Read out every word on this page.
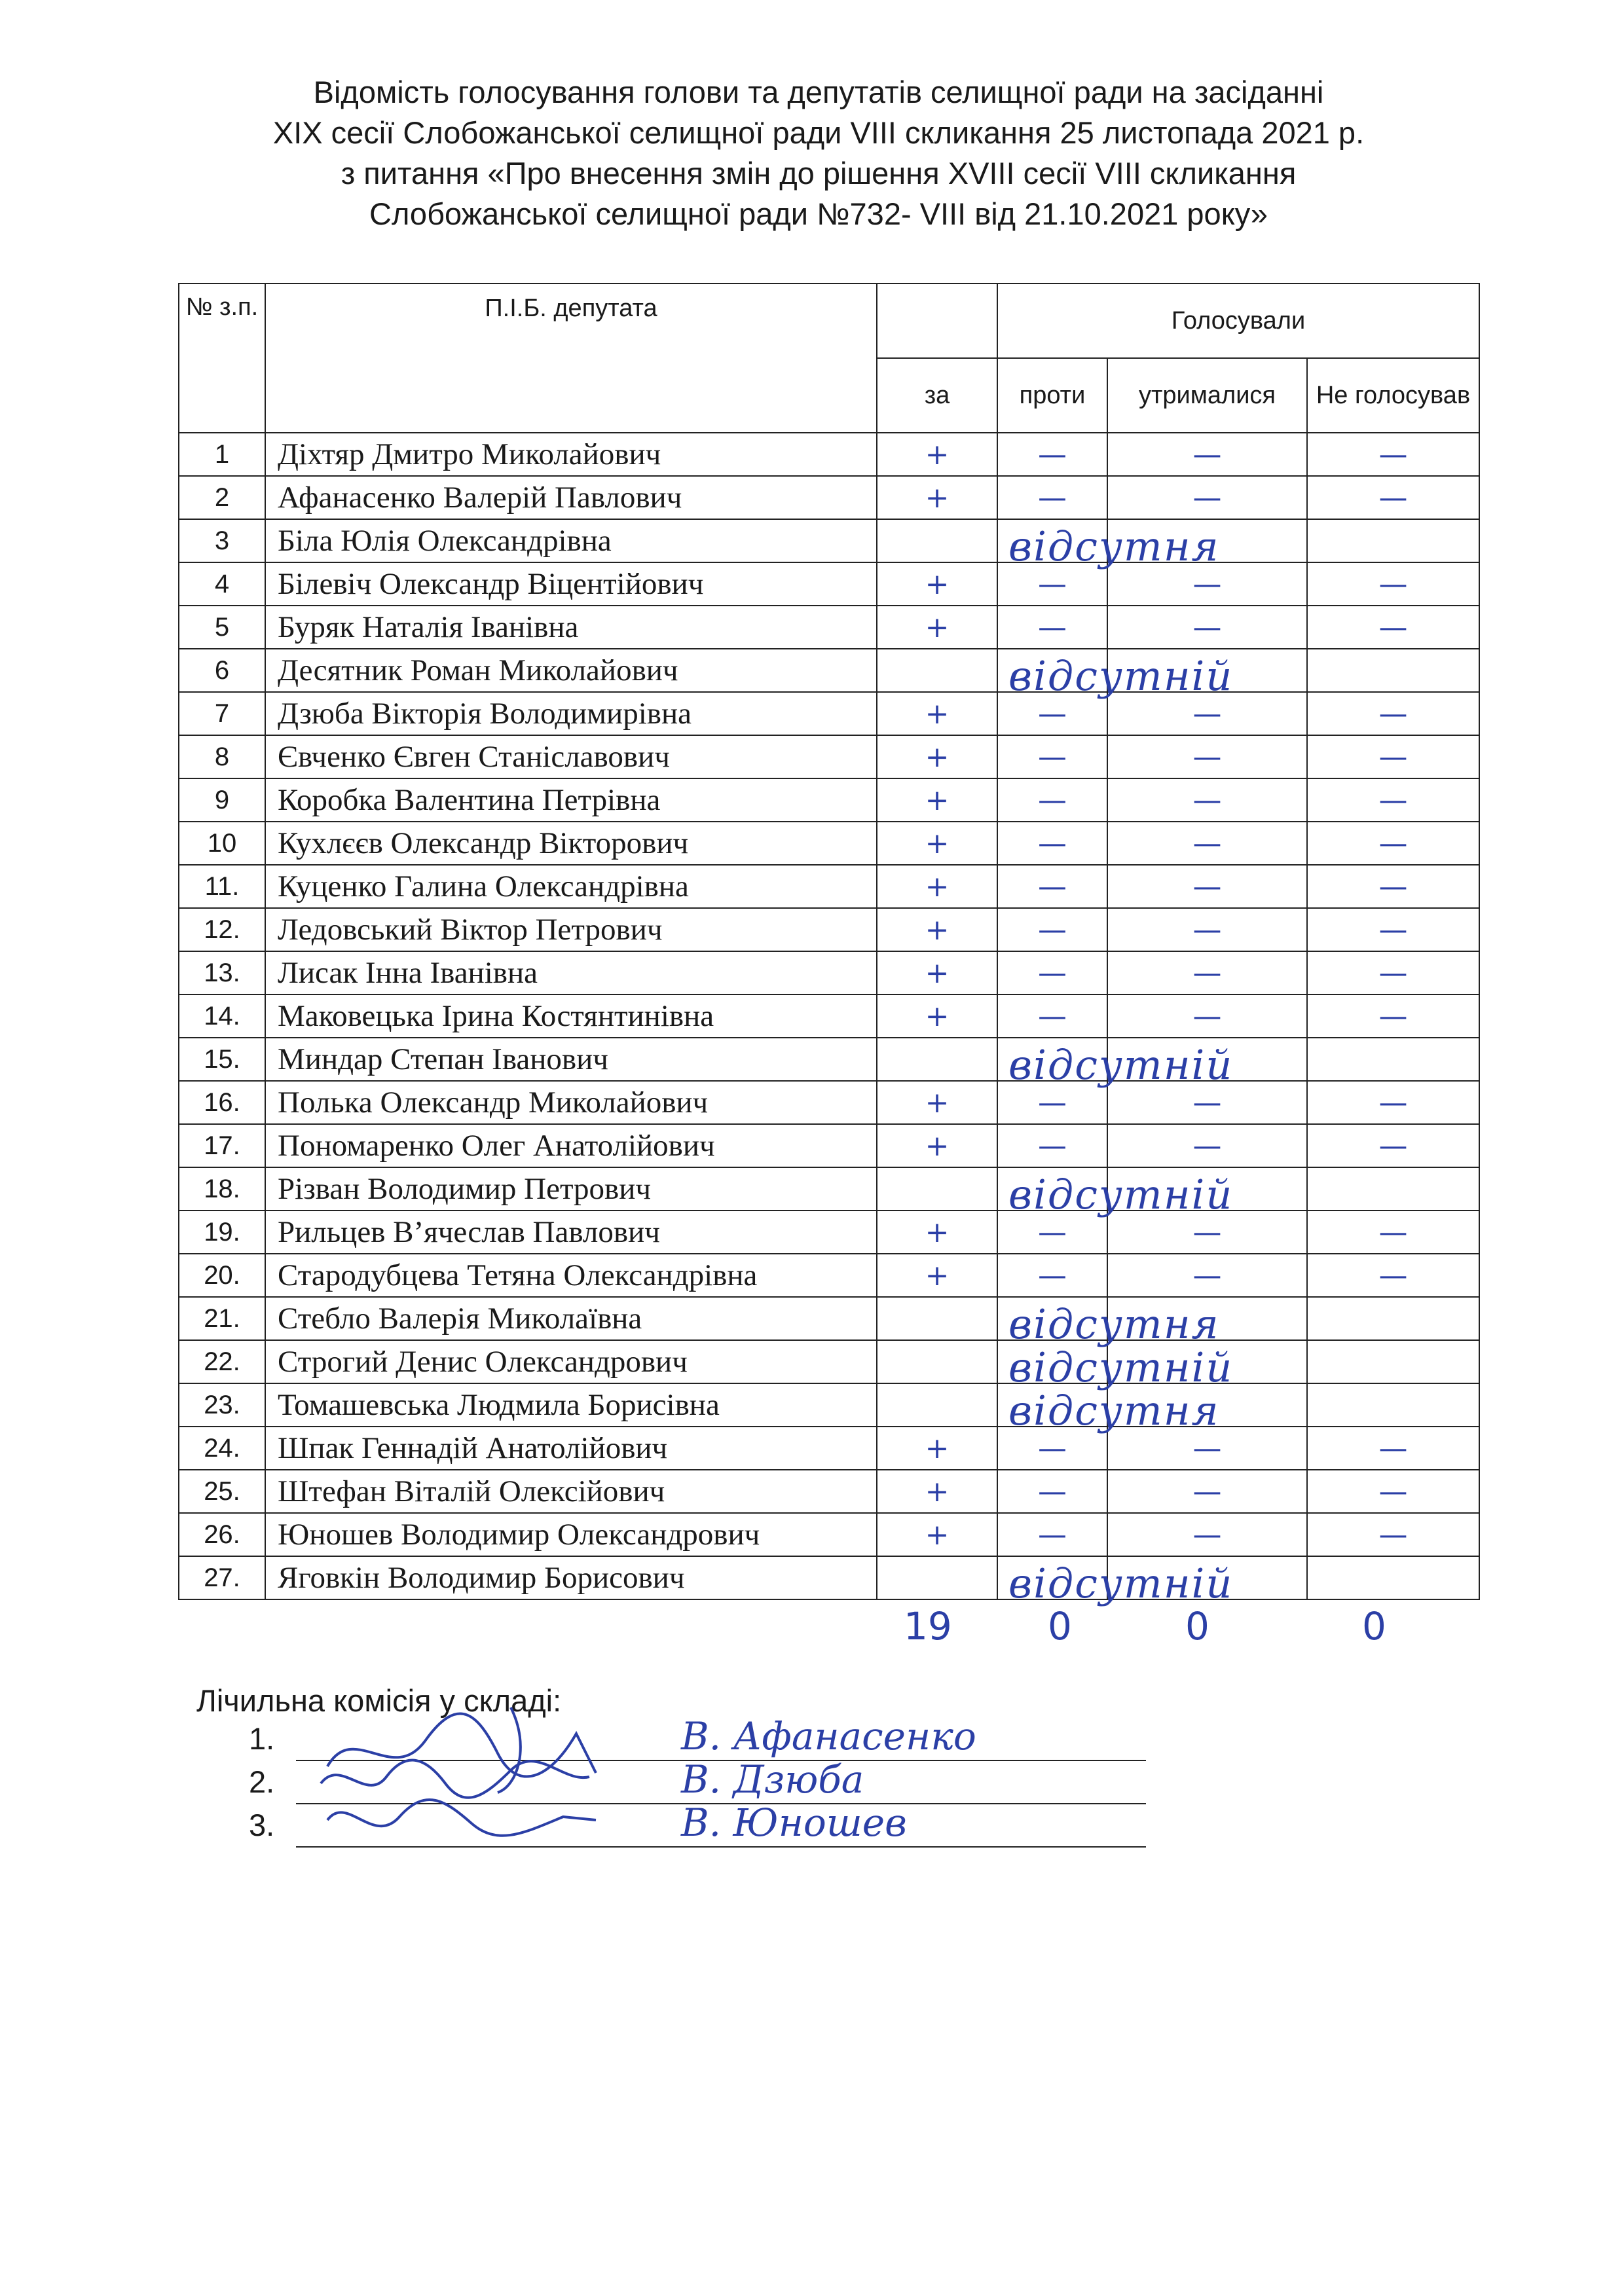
Відомість голосування голови та депутатів селищної ради на засіданні
XIX сесії Слобожанської селищної ради VIII скликання 25 листопада 2021 р.
з питання «Про внесення змін до рішення XVIII сесії VIII скликання
Слобожанської селищної ради №732- VIII від 21.10.2021 року»
№ з.п.	П.І.Б. депутата		Голосували		
		за	проти	утрималися	Не голосував
1	Діхтяр Дмитро Миколайович	+	—	—	—
2	Афанасенко Валерій Павлович	+	—	—	—
3	Біла Юлія Олександрівна	відсутня			

4	Білевіч Олександр Віцентійович	+	—	—	—
5	Буряк Наталія Іванівна	+	—	—	—
6	Десятник Роман Миколайович	відсутній			

7	Дзюба Вікторія Володимирівна	+	—	—	—
8	Євченко Євген Станіславович	+	—	—	—
9	Коробка Валентина Петрівна	+	—	—	—
10	Кухлєєв Олександр Вікторович	+	—	—	—
11.	Куценко Галина Олександрівна	+	—	—	—
12.	Ледовський Віктор Петрович	+	—	—	—
13.	Лисак Інна Іванівна	+	—	—	—
14.	Маковецька Ірина Костянтинівна	+	—	—	—
15.	Миндар Степан Іванович	відсутній			

16.	Полька Олександр Миколайович	+	—	—	—
17.	Пономаренко Олег Анатолійович	+	—	—	—
18.	Різван Володимир Петрович	відсутній			

19.	Рильцев В’ячеслав Павлович	+	—	—	—
20.	Стародубцева Тетяна Олександрівна	+	—	—	—
21.	Стебло Валерія Миколаївна	відсутня			

22.	Строгий Денис Олександрович	відсутній			

23.	Томашевська Людмила Борисівна	відсутня			

24.	Шпак Геннадій Анатолійович	+	—	—	—
25.	Штефан Віталій Олексійович	+	—	—	—
26.	Юношев Володимир Олександрович	+	—	—	—
27.	Яговкін Володимир Борисович	відсутній			

19	0	0	0
Лічильна комісія у складі:
1.	В. Афанасенко
2.	В. Дзюба
3.	В. Юношев
